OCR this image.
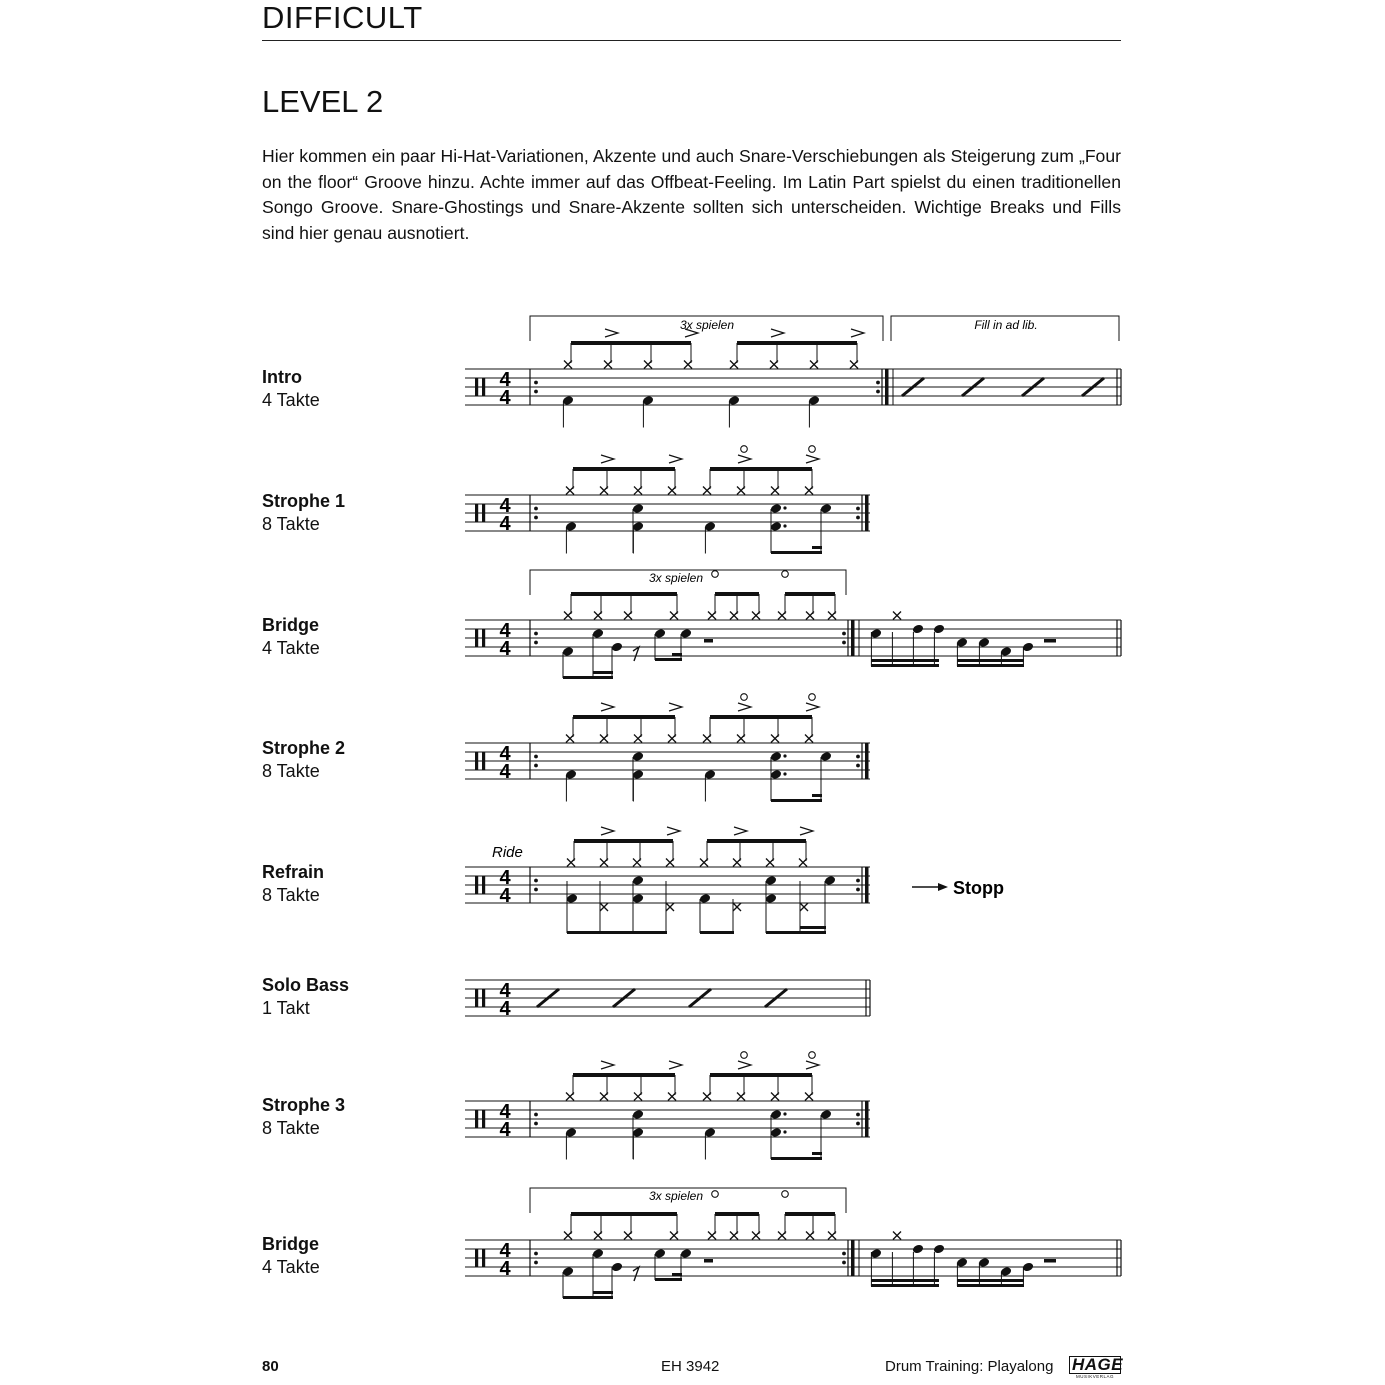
DIFFICULT
LEVEL 2
Hier kommen ein paar Hi-Hat-Variationen, Akzente und auch Snare-Verschiebungen als Steigerung zum „Four on the floor“ Groove hinzu. Achte immer auf das Offbeat-Feeling. Im Latin Part spielst du einen traditionellen Songo Groove. Snare-Ghostings und Snare-Akzente sollten sich unterscheiden. Wichtige Breaks und Fills sind hier genau ausnotiert.
Intro
4 Takte
Strophe 1
8 Takte
Bridge
4 Takte
Strophe 2
8 Takte
Refrain
8 Takte
Solo Bass
1 Takt
Strophe 3
8 Takte
Bridge
4 Takte
4
4
4
4
4
4
4
4
4
4
4
4
4
4
4
4
3x spielen	Fill in ad lib.
3x spielen
3x spielen
Ride
Stopp
80	EH 3942	Drum Training: Playalong HAGE
MUSIKVERLAG
